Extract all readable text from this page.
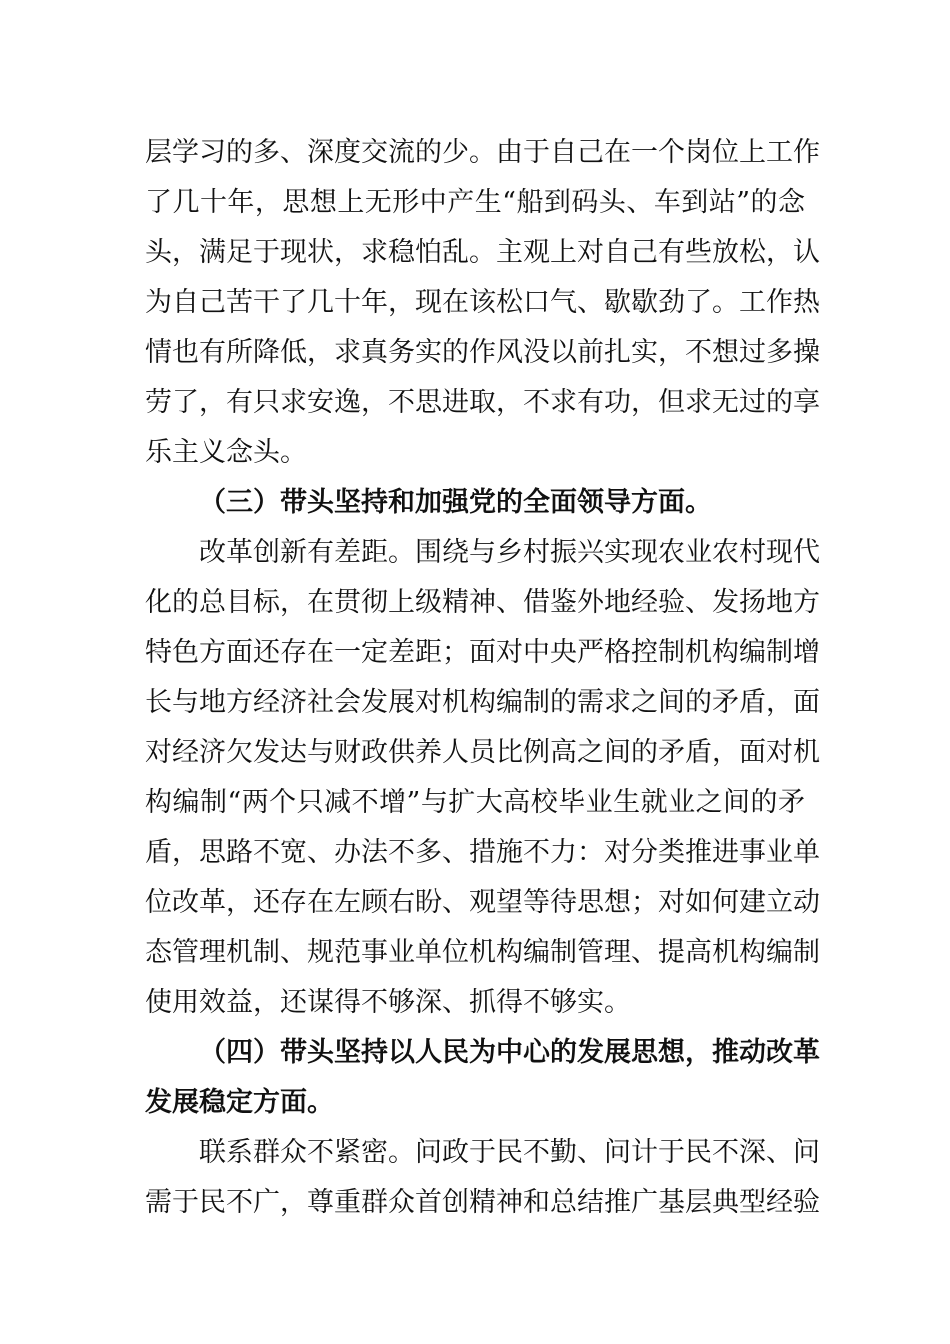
层学习的多、深度交流的少。由于自己在一个岗位上工作
了几十年，思想上无形中产生“船到码头、车到站”的念
头，满足于现状，求稳怕乱。主观上对自己有些放松，认
为自己苦干了几十年，现在该松口气、歇歇劲了。工作热
情也有所降低，求真务实的作风没以前扎实，不想过多操
劳了，有只求安逸，不思进取，不求有功，但求无过的享
乐主义念头。
（三）带头坚持和加强党的全面领导方面。
改革创新有差距。围绕与乡村振兴实现农业农村现代
化的总目标，在贯彻上级精神、借鉴外地经验、发扬地方
特色方面还存在一定差距；面对中央严格控制机构编制增
长与地方经济社会发展对机构编制的需求之间的矛盾，面
对经济欠发达与财政供养人员比例高之间的矛盾，面对机
构编制“两个只减不增”与扩大高校毕业生就业之间的矛
盾，思路不宽、办法不多、措施不力：对分类推进事业单
位改革，还存在左顾右盼、观望等待思想；对如何建立动
态管理机制、规范事业单位机构编制管理、提高机构编制
使用效益，还谋得不够深、抓得不够实。
（四）带头坚持以人民为中心的发展思想，推动改革
发展稳定方面。
联系群众不紧密。问政于民不勤、问计于民不深、问
需于民不广，尊重群众首创精神和总结推广基层典型经验
